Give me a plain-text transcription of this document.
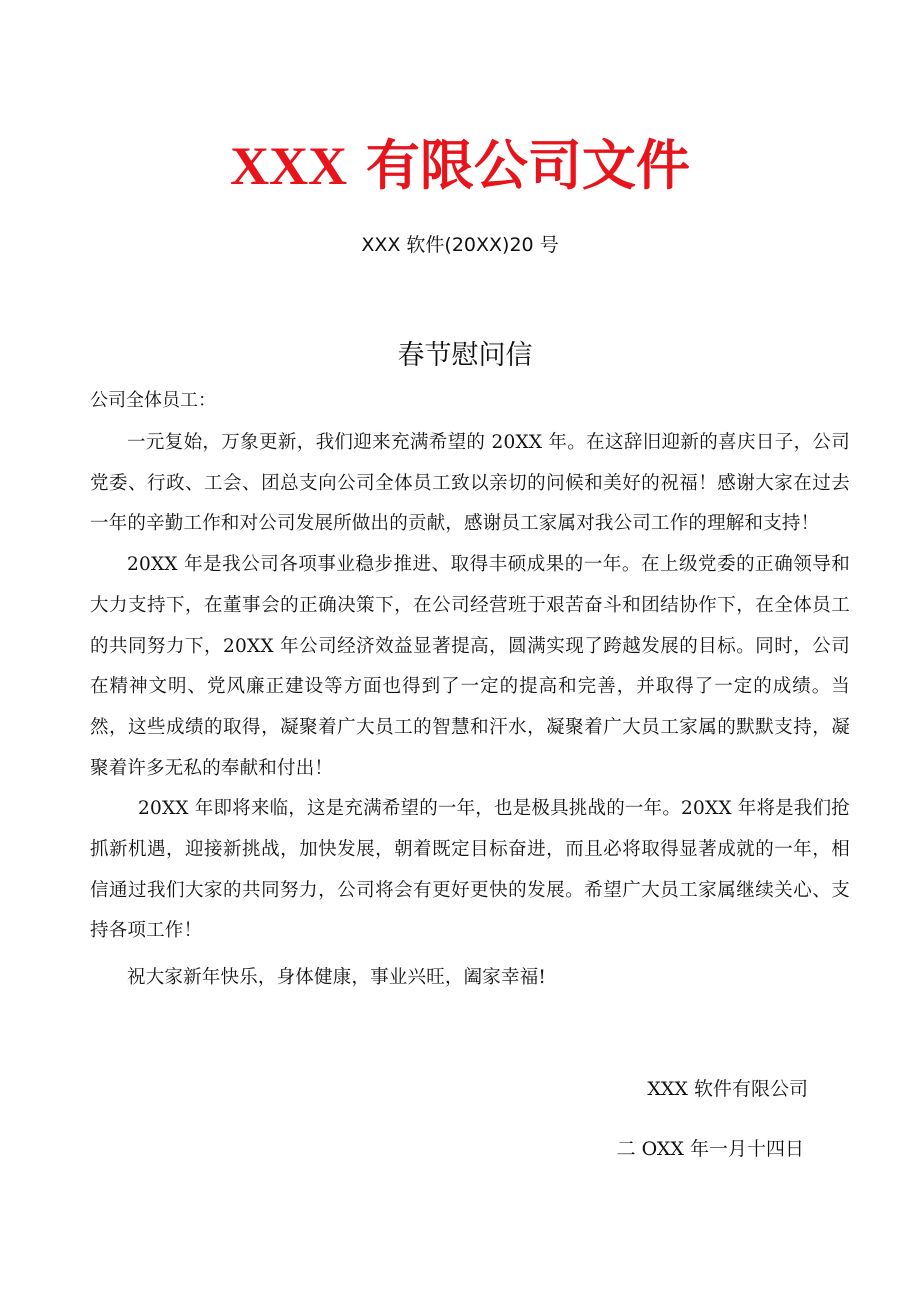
XXX 有限公司文件
XXX 软件(20XX)20 号
春节慰问信
公司全体员工：

一元复始，万象更新，我们迎来充满希望的 20XX 年。在这辞旧迎新的喜庆日子，公司党委、行政、工会、团总支向公司全体员工致以亲切的问候和美好的祝福！感谢大家在过去一年的辛勤工作和对公司发展所做出的贡献，感谢员工家属对我公司工作的理解和支持！

20XX 年是我公司各项事业稳步推进、取得丰硕成果的一年。在上级党委的正确领导和大力支持下，在董事会的正确决策下，在公司经营班于艰苦奋斗和团结协作下，在全体员工的共同努力下，20XX 年公司经济效益显著提高，圆满实现了跨越发展的目标。同时，公司在精神文明、党风廉正建设等方面也得到了一定的提高和完善，并取得了一定的成绩。当然，这些成绩的取得，凝聚着广大员工的智慧和汗水，凝聚着广大员工家属的默默支持，凝聚着许多无私的奉献和付出！

20XX 年即将来临，这是充满希望的一年，也是极具挑战的一年。20XX 年将是我们抢抓新机遇，迎接新挑战，加快发展，朝着既定目标奋进，而且必将取得显著成就的一年，相信通过我们大家的共同努力，公司将会有更好更快的发展。希望广大员工家属继续关心、支持各项工作！

祝大家新年快乐，身体健康，事业兴旺，阖家幸福!

XXX 软件有限公司
二 OXX 年一月十四日
